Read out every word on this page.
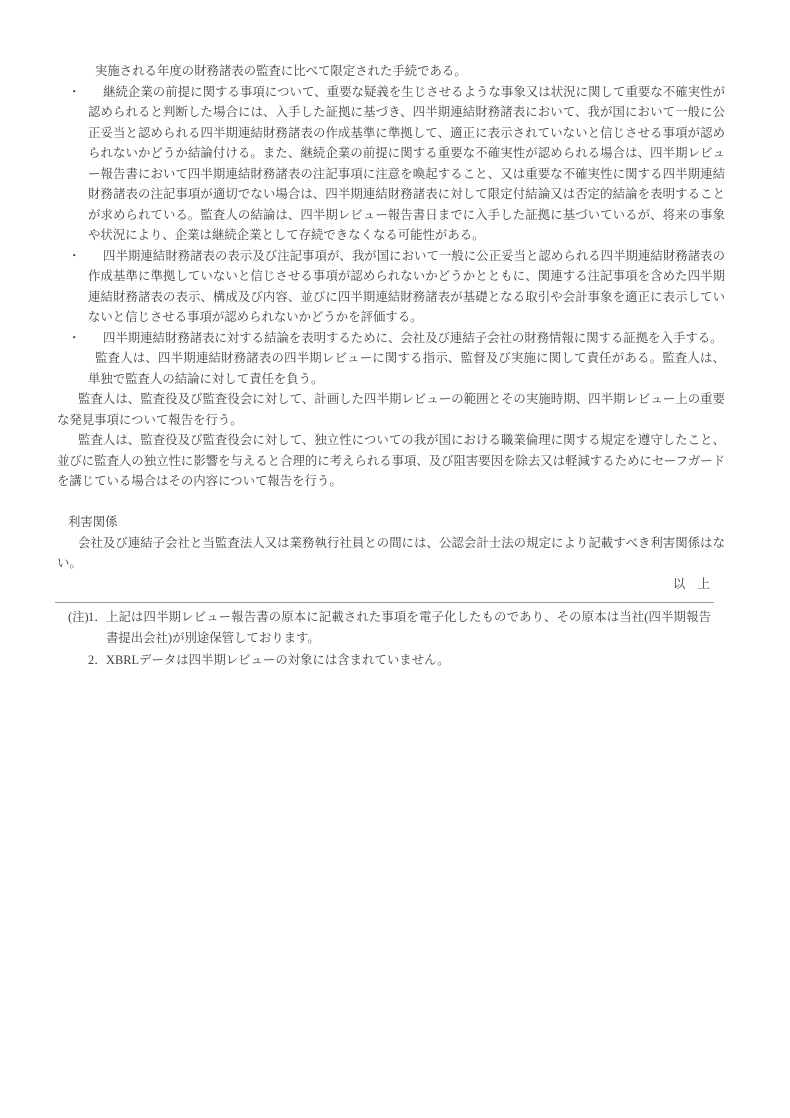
実施される年度の財務諸表の監査に比べて限定された手続である。

・	継続企業の前提に関する事項について、重要な疑義を生じさせるような事象又は状況に関して重要な不確実性が認められると判断した場合には、入手した証拠に基づき、四半期連結財務諸表において、我が国において一般に公正妥当と認められる四半期連結財務諸表の作成基準に準拠して、適正に表示されていないと信じさせる事項が認められないかどうか結論付ける。また、継続企業の前提に関する重要な不確実性が認められる場合は、四半期レビュー報告書において四半期連結財務諸表の注記事項に注意を喚起すること、又は重要な不確実性に関する四半期連結財務諸表の注記事項が適切でない場合は、四半期連結財務諸表に対して限定付結論又は否定的結論を表明することが求められている。監査人の結論は、四半期レビュー報告書日までに入手した証拠に基づいているが、将来の事象や状況により、企業は継続企業として存続できなくなる可能性がある。

・	四半期連結財務諸表の表示及び注記事項が、我が国において一般に公正妥当と認められる四半期連結財務諸表の作成基準に準拠していないと信じさせる事項が認められないかどうかとともに、関連する注記事項を含めた四半期連結財務諸表の表示、構成及び内容、並びに四半期連結財務諸表が基礎となる取引や会計事象を適正に表示していないと信じさせる事項が認められないかどうかを評価する。

・	四半期連結財務諸表に対する結論を表明するために、会社及び連結子会社の財務情報に関する証拠を入手する。

監査人は、四半期連結財務諸表の四半期レビューに関する指示、監督及び実施に関して責任がある。監査人は、単独で監査人の結論に対して責任を負う。

監査人は、監査役及び監査役会に対して、計画した四半期レビューの範囲とその実施時期、四半期レビュー上の重要な発見事項について報告を行う。

監査人は、監査役及び監査役会に対して、独立性についての我が国における職業倫理に関する規定を遵守したこと、並びに監査人の独立性に影響を与えると合理的に考えられる事項、及び阻害要因を除去又は軽減するためにセーフガードを講じている場合はその内容について報告を行う。

利害関係

会社及び連結子会社と当監査法人又は業務執行社員との間には、公認会計士法の規定により記載すべき利害関係はない。

以　上

(注) 1． 上記は四半期レビュー報告書の原本に記載された事項を電子化したものであり、その原本は当社(四半期報告書提出会社)が別途保管しております。

2． XBRLデータは四半期レビューの対象には含まれていません。
